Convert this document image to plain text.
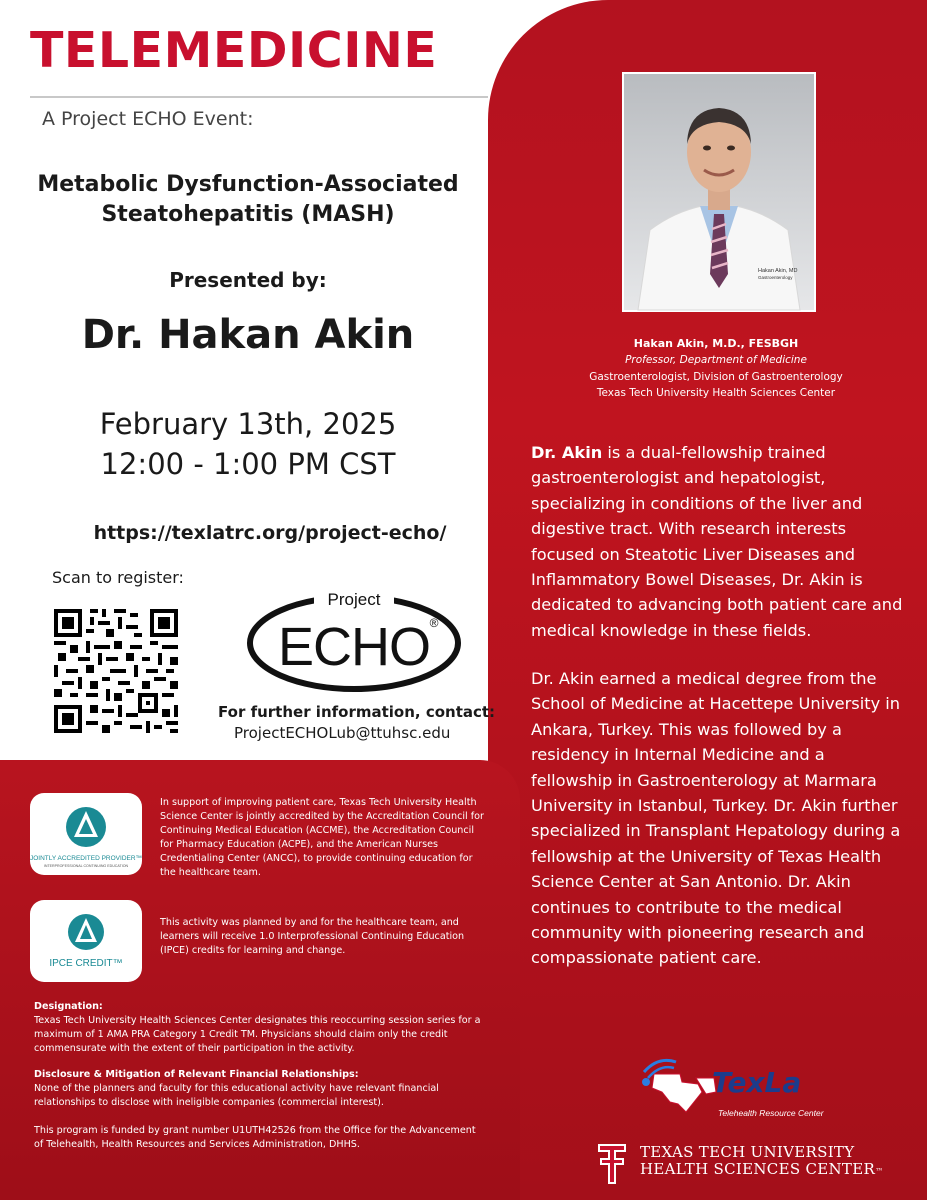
TELEMEDICINE
A Project ECHO Event:
Metabolic Dysfunction-Associated
Steatohepatitis (MASH)
Presented by:
Dr. Hakan Akin
February 13th, 2025
12:00 - 1:00 PM CST
https://texlatrc.org/project-echo/
Scan to register:
Project
ECHO ®
For further information, contact:
ProjectECHOLub@ttuhsc.edu
JOINTLY ACCREDITED PROVIDER™
INTERPROFESSIONAL CONTINUING EDUCATION
In support of improving patient care, Texas Tech University Health Science Center is jointly accredited by the Accreditation Council for Continuing Medical Education (ACCME), the Accreditation Council for Pharmacy Education (ACPE), and the American Nurses Credentialing Center (ANCC), to provide continuing education for the healthcare team.
IPCE CREDIT™
This activity was planned by and for the healthcare team, and learners will receive 1.0 Interprofessional Continuing Education (IPCE) credits for learning and change.
Designation:
Texas Tech University Health Sciences Center designates this reoccurring session series for a maximum of 1 AMA PRA Category 1 Credit TM. Physicians should claim only the credit commensurate with the extent of their participation in the activity.
Disclosure & Mitigation of Relevant Financial Relationships:
None of the planners and faculty for this educational activity have relevant financial relationships to disclose with ineligible companies (commercial interest).
This program is funded by grant number U1UTH42526 from the Office for the Advancement of Telehealth, Health Resources and Services Administration, DHHS.
Hakan Akin, MD
Gastroenterology
Hakan Akin, M.D., FESBGH
Professor, Department of Medicine
Gastroenterologist, Division of Gastroenterology
Texas Tech University Health Sciences Center
Dr. Akin is a dual-fellowship trained gastroenterologist and hepatologist, specializing in conditions of the liver and digestive tract. With research interests focused on Steatotic Liver Diseases and Inflammatory Bowel Diseases, Dr. Akin is dedicated to advancing both patient care and medical knowledge in these fields.
Dr. Akin earned a medical degree from the School of Medicine at Hacettepe University in Ankara, Turkey. This was followed by a residency in Internal Medicine and a fellowship in Gastroenterology at Marmara University in Istanbul, Turkey. Dr. Akin further specialized in Transplant Hepatology during a fellowship at the University of Texas Health Science Center at San Antonio. Dr. Akin continues to contribute to the medical community with pioneering research and compassionate patient care.
TexLa
Telehealth Resource Center
TEXAS TECH UNIVERSITY
HEALTH SCIENCES CENTER™
